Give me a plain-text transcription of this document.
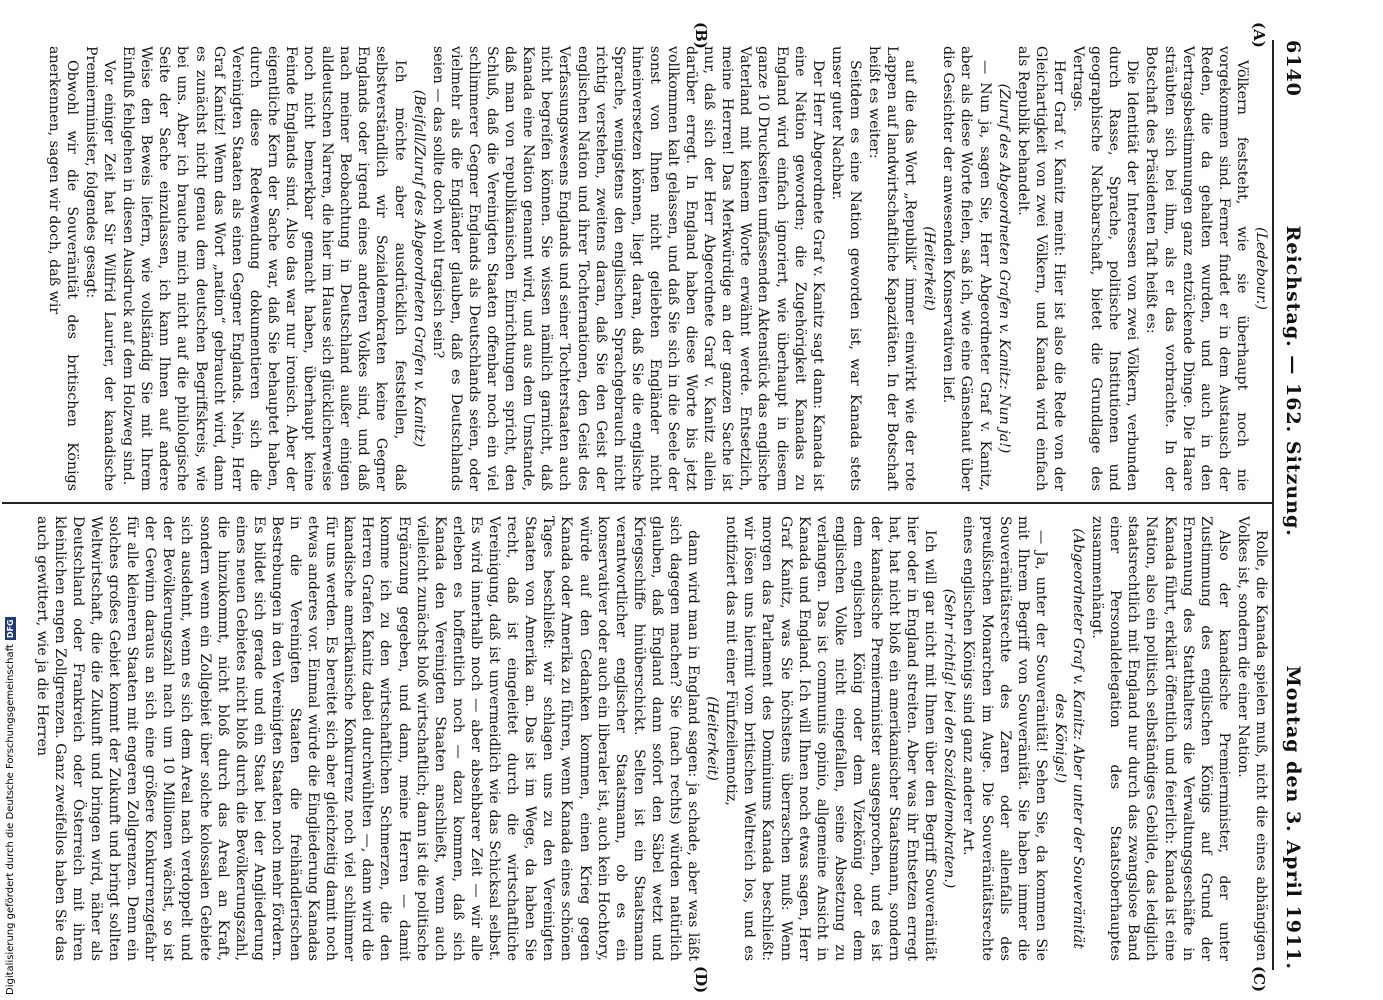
6140
Reichstag. — 162. Sitzung.
Montag den 3. April 1911.
(A)
(B)
(C)
(D)

(Ledebour.)

Völkern feststeht, wie sie überhaupt noch nie vorgekommen sind. Ferner findet er in dem Austausch der Reden, die da gehalten wurden, und auch in den Vertragsbestimmungen ganz entzückende Dinge. Die Haare sträubten sich bei ihm, als er das vorbrachte. In der Botschaft des Präsidenten Taft heißt es:

Die Identität der Interessen von zwei Völkern, verbunden durch Rasse, Sprache, politische Institutionen und geographische Nachbarschaft, bietet die Grundlage des Vertrags.

Herr Graf v. Kanitz meint: Hier ist also die Rede von der Gleichartigkeit von zwei Völkern, und Kanada wird einfach als Republik behandelt.

(Zuruf des Abgeordneten Grafen v. Kanitz: Nun ja!)

— Nun ja, sagen Sie, Herr Abgeordneter Graf v. Kanitz, aber als diese Worte fielen, saß ich, wie eine Gänsehaut über die Gesichter der anwesenden Konservativen lief.

(Heiterkeit)

auf die das Wort „Republik“ immer einwirkt wie der rote Lappen auf landwirtschaftliche Kapazitäten. In der Botschaft heißt es weiter:

Seitdem es eine Nation geworden ist, war Kanada stets unser guter Nachbar.

Der Herr Abgeordnete Graf v. Kanitz sagt dann: Kanada ist eine Nation geworden; die Zugehörigkeit Kanadas zu England wird einfach ignoriert, wie überhaupt in diesem ganze 10 Druckseiten umfassenden Aktenstück das englische Vaterland mit keinem Worte erwähnt werde. Entsetzlich, meine Herren! Das Merkwürdige an der ganzen Sache ist nur, daß sich der Herr Abgeordnete Graf v. Kanitz allein darüber erregt. In England haben diese Worte bis jetzt vollkommen kalt gelassen, und daß Sie sich in die Seele der sonst von Ihnen nicht geliebten Engländer nicht hineinversetzen können, liegt daran, daß Sie die englische Sprache, wenigstens den englischen Sprachgebrauch nicht richtig verstehen, zweitens daran, daß Sie den Geist der englischen Nation und ihrer Tochternationen, den Geist des Verfassungswesens Englands und seiner Tochterstaaten auch nicht begreifen können. Sie wissen nämlich garnicht, daß Kanada eine Nation genannt wird, und aus dem Umstande, daß man von republikanischen Einrichtungen spricht, den Schluß, daß die Vereinigten Staaten offenbar noch ein viel schlimmerer Gegner Englands als Deutschlands seien, oder vielmehr als die Engländer glauben, daß es Deutschlands seien — das sollte doch wohl tragisch sein?

(Beifall/Zuruf des Abgeordneten Grafen v. Kanitz)

Ich möchte aber ausdrücklich feststellen, daß selbstverständlich wir Sozialdemokraten keine Gegner Englands oder irgend eines anderen Volkes sind, und daß nach meiner Beobachtung in Deutschland außer einigen alldeutschen Narren, die hier im Hause sich glücklicherweise noch nicht bemerkbar gemacht haben, überhaupt keine Feinde Englands sind. Also das war nur ironisch. Aber der eigentliche Kern der Sache war, daß Sie behauptet haben, durch diese Redewendung dokumentieren sich die Vereinigten Staaten als einen Gegner Englands. Nein, Herr Graf Kanitz! Wenn das Wort „nation“ gebraucht wird, dann es zunächst nicht genau dem deutschen Begriffskreis, wie bei uns. Aber ich brauche mich nicht auf die philologische Seite der Sache einzulassen, ich kann Ihnen auf andere Weise den Beweis liefern, wie vollständig Sie mit Ihrem Einfluß fehlgehen in diesen Ausdruck auf dem Holzweg sind.

Vor einiger Zeit hat Sir Wilfrid Laurier, der kanadische Premierminister, folgendes gesagt:

Obwohl wir die Souveränität des britischen Königs anerkennen, sagen wir doch, daß wir

Rolle, die Kanada spielen muß, nicht die eines abhängigen Volkes ist, sondern die einer Nation.

Also der kanadische Premierminister, der unter Zustimmung des englischen Königs auf Grund der Ernennung des Statthalters die Verwaltungsgeschäfte in Kanada führt, erklärt öffentlich und feierlich: Kanada ist eine Nation, also ein politisch selbständiges Gebilde, das lediglich staatsrechtlich mit England nur durch das zwangslose Band einer Personaldelegation des Staatsoberhauptes zusammenhängt.

(Abgeordneter Graf v. Kanitz: Aber unter der Souveränität des Königs!)

— Ja, unter der Souveränität! Sehen Sie, da kommen Sie mit Ihrem Begriff von Souveränität. Sie haben immer die Souveränitätsrechte des Zaren oder allenfalls des preußischen Monarchen im Auge. Die Souveränitätsrechte eines englischen Königs sind ganz anderer Art.

(Sehr richtig! bei den Sozialdemokraten.)

Ich will gar nicht mit Ihnen über den Begriff Souveränität hier oder in England streiten. Aber was ihr Entsetzen erregt hat, hat nicht bloß ein amerikanischer Staatsmann, sondern der kanadische Premierminister ausgesprochen, und es ist dem englischen König oder dem Vizekönig oder dem englischen Volke nicht eingefallen, seine Absetzung zu verlangen. Das ist communis opinio, allgemeine Ansicht in Kanada und England. Ich will Ihnen noch etwas sagen, Herr Graf Kanitz, was Sie höchstens überraschen muß: Wenn morgen das Parlament des Dominiums Kanada beschließt: wir lösen uns hiermit vom britischen Weltreich los, und es notifiziert das mit einer Fünfzeilennotiz,

(Heiterkeit)

dann wird man in England sagen: ja schade, aber was läßt sich dagegen machen? Sie (nach rechts) würden natürlich glauben, daß England dann sofort den Säbel wetzt und Kriegsschiffe hinüberschickt. Selten ist ein Staatsmann verantwortlicher englischer Staatsmann, ob es ein konservativer oder auch ein liberaler ist, auch kein Hochtory, würde auf den Gedanken kommen, einen Krieg gegen Kanada oder Amerika zu führen, wenn Kanada eines schönen Tages beschließt: wir schlagen uns zu den Vereinigten Staaten von Amerika an. Das ist im Wege, da haben Sie recht, daß ist eingeleitet durch die wirtschaftliche Vereinigung, daß ist unvermeidlich wie das Schicksal selbst. Es wird innerhalb noch — aber absehbarer Zeit — wir alle erleben es hoffentlich noch — dazu kommen, daß sich Kanada den Vereinigten Staaten anschließt, wenn auch vielleicht zunächst bloß wirtschaftlich; dann ist die politische Ergänzung gegeben, und dann, meine Herren — damit komme ich zu den wirtschaftlichen Schmerzen, die den Herren Grafen Kanitz dabei durchwühlten —, dann wird die kanadische amerikanische Konkurrenz noch viel schlimmer für uns werden. Es bereitet sich aber gleichzeitig damit noch etwas anderes vor. Einmal würde die Eingliederung Kanadas in die Vereinigten Staaten die freihändlerischen Bestrebungen in den Vereinigten Staaten noch mehr fördern. Es bildet sich gerade und ein Staat bei der Angliederung eines neuen Gebietes nicht bloß durch die Bevölkerungszahl, die hinzukommt, nicht bloß durch das Areal an Kraft, sondern wenn ein Zollgebiet über solche kolossalen Gebiete sich ausdehnt, wenn es sich dem Areal nach verdoppelt und der Bevölkerungszahl nach um 10 Millionen wächst, so ist der Gewinn daraus an sich eine größere Konkurrenzgefahr für alle kleineren Staaten mit engeren Zollgrenzen. Denn ein solches großes Gebiet kommt der Zukunft und bringt sollten Weltwirtschaft, die die Zukunft und bringen wird, näher als Deutschland oder Frankreich oder Österreich mit ihren kleinlichen engen Zollgrenzen. Ganz zweifellos haben Sie das auch gewittert, wie ja die Herren

Digitalisierung gefördert durch die Deutsche Forschungsgemeinschaft
DFG
